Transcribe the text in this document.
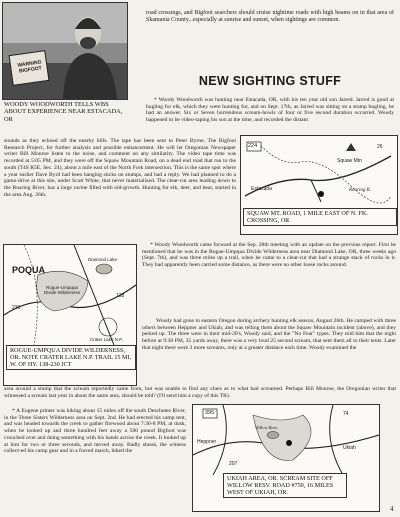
WARNING BIGFOOT
WOODY WOODWORTH TELLS WBS ABOUT EXPERIENCE NEAR ESTACADA, OR

road crossings, and Bigfoot searchers should cruise nightime roads with high beams on in that area of Skamania County...especially at sunrise and sunset, when sightings are common.

NEW SIGHTING STUFF

* Woody Woodworth was hunting near Estacada, OR, with his ten year old son Jarred. Jarred is good at bugling for elk, which they were hunting for, and on Sept. 17th, as Jarred was sitting on a stump bugling, he had an answer. Six or Seven horrendous scream-howls of four or five second duration occurred. Woody happened to be video-taping his son at the time, and recorded the distant

sounds as they echoed off the nearby hills. The tape has been sent to Peter Byrne, The Bigfoot Research Project, for further analysis and possible enhancement. He will let Oregonian Newspaper writer Bill Monroe listen to the noise, and comment on any similarity. The video tape time was recorded at 5:05 PM, and they were off the Squaw Mountain Road, on a dead end road that ran to the south (T4S R5E, Sec. 24), about a mile east of the North Fork intersection. This is the same spot where a year earlier Dave Byrd had been banging sticks on stumps, and had a reply. We had planned to do a game-drive at this site, under Scott White, that never materialized. The clear-cut area leading down to the Roaring River, has a large ravine filled with old-growth. Hunting for elk, deer, and bear, started in the area Aug. 26th.

224
Squaw Mtn
Estacada
26
Roaring R.
SQUAW MT. ROAD, 1 MILE EAST OF N. FK. CROSSING, OR
POQUA
Diamond Lake
Rogue-Umpqua Divide Wilderness
Crater Lake N.P.
138
230
ROGUE-UMPQUA DIVIDE WILDERNESS, OR. NOTE CRATER LAKE N.P. TRAIL 15 MI. W. OF HY. 138-230 JCT

* Woody Woodworth came forward at the Sep. 28th meeting with an update on the previous report. First he mentioned that he was in the Rogue-Umpqua Divide Wilderness area near Diamond Lake, OR, three weeks ago (Sept. 7th), and was three miles up a trail, when he came to a clear-cut that had a strange stack of rocks in it. They had apparently been carried some distance, as there were no other loose rocks around.

Woody had gone to eastern Oregon during archery hunting elk season, August 26th. He camped with three others between Heppner and Ukiah, and was telling them about the Squaw Mountain incident (above), and they perked up. The three were in their mid-20's, Woody said, and the "No Fear" types. They told him that the night before at 9:30 PM, 35 yards away, there was a very loud 25 second scream, that sent them all to their tents. Later that night there were 3 more screams, only at a greater distance each time. Woody examined the

area around a stump that the scream reportedly came from, but was unable to find any clues as to what had screamed. Perhaps Bill Monroe, the Oregonian writer that witnessed a scream last year in about the same area, should be told? (I'll send him a copy of this TR).

* A Eugene printer was hiking about 15 miles off the south Deschutes River, in the Three Sisters Wilderness area on Sept. 2nd. He had erected his camp tent, and was headed towards the creek to gather firewood about 7:30-8 PM, at dusk, when he looked up and three hundred feet away a 500 pound Bigfoot was crouched over and doing something with his hands across the creek. It looked up at him for two or three seconds, and moved away. Badly shook, the witness collect-ed his camp gear and in a forced march, hiked the

395
207
74
Heppner
Ukiah
Willow Resv.
UKIAH AREA, OR. SCREAM SITE OFF WILLOW RESV. ROAD #750, 16 MILES WEST OF UKIAH, OR.
4
